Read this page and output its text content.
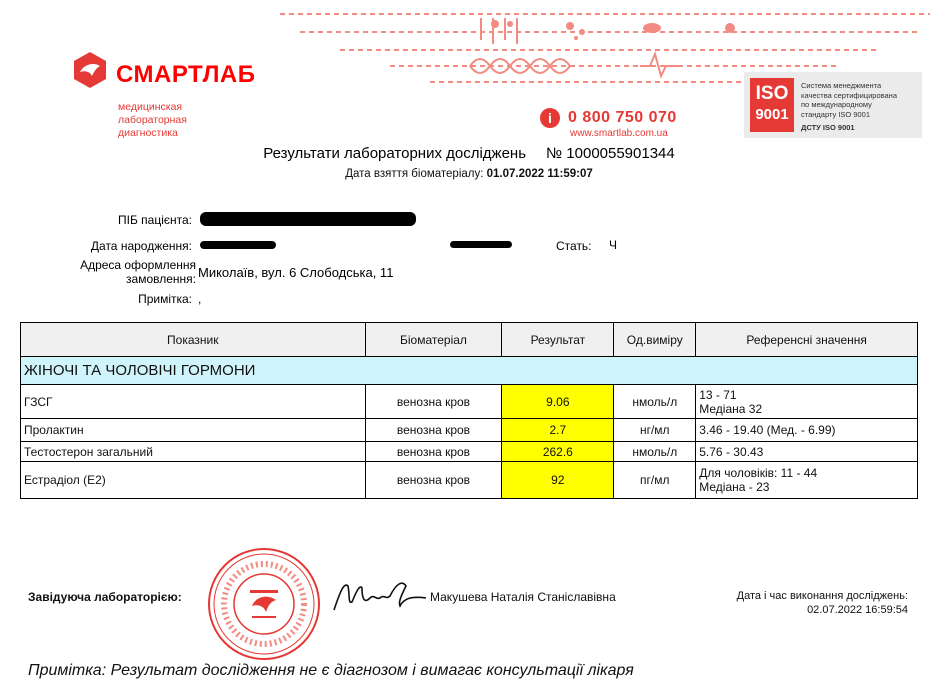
СМАРТЛАБ
медицинская
лабораторная
диагностика
i	0 800 750 070
www.smartlab.com.ua
ISO
9001
Система менеджмента
качества сертифицирована
по международному
стандарту ISO 9001
ДСТУ ISO 9001
Результати лабораторних досліджень № 1000055901344
Дата взяття біоматеріалу: 01.07.2022 11:59:07
ПІБ пацієнта:
Дата народження:	Стать: Ч
Адреса оформлення
замовлення: Миколаїв, вул. 6 Слободська, 11
Примітка: ,
Показник	Біоматеріал	Результат	Од.виміру	Референсні значення
ЖІНОЧІ ТА ЧОЛОВІЧІ ГОРМОНИ				
ГЗСГ	венозна кров	9.06	нмоль/л	13 - 71
Медіана 32

Пролактин	венозна кров	2.7	нг/мл	3.46 - 19.40 (Мед. - 6.99)
Тестостерон загальний	венозна кров	262.6	нмоль/л	5.76 - 30.43
Естрадіол (Е2)	венозна кров	92	пг/мл	Для чоловіків: 11 - 44
Медіана - 23
Завідуюча лабораторією:	Макушева Наталія Станіславівна	Дата і час виконання досліджень:
02.07.2022 16:59:54
Примітка: Результат дослідження не є діагнозом і вимагає консультації лікаря
